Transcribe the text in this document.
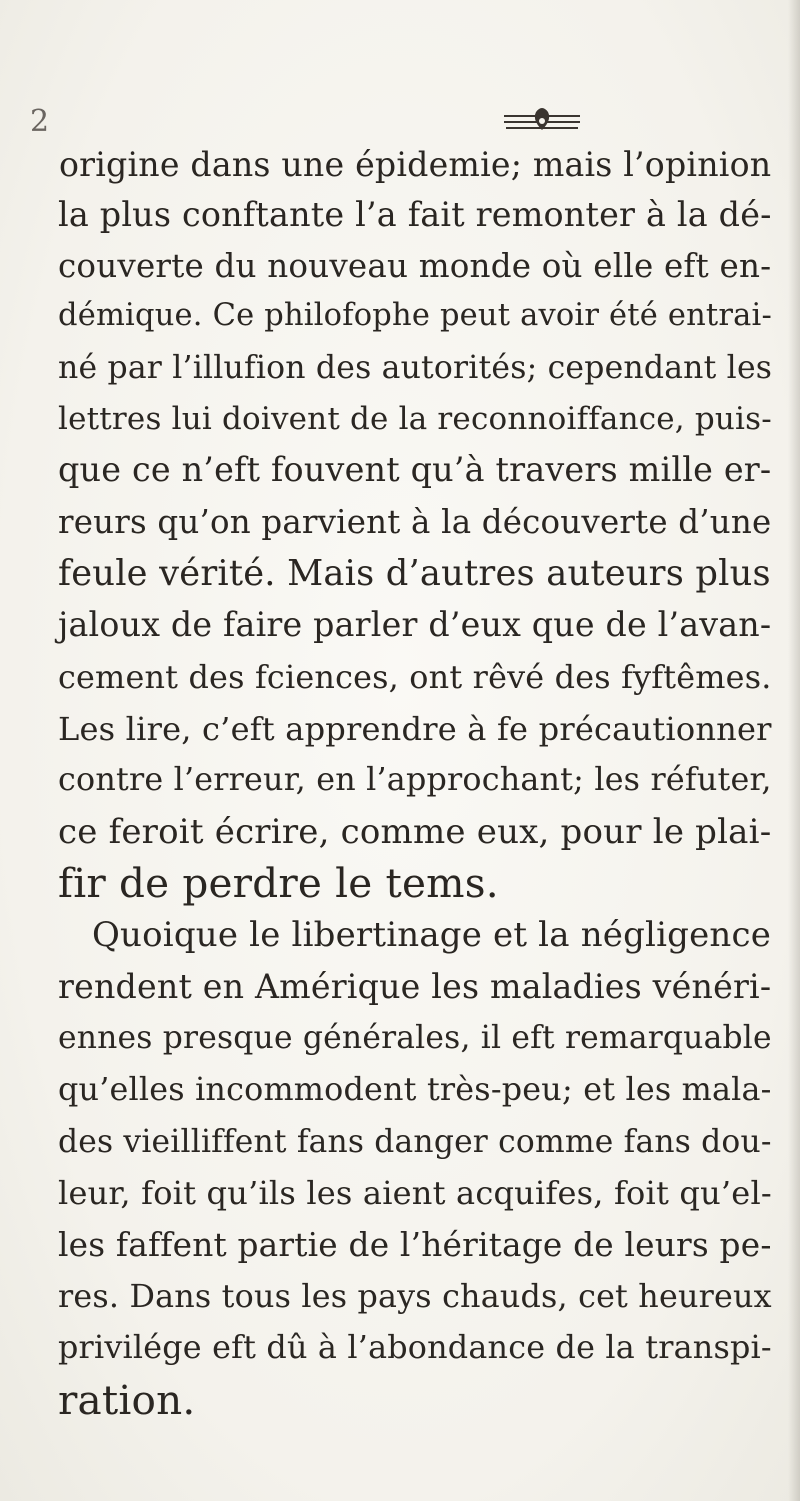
2

origine dans une épidemie; mais l’opinion

la plus conftante l’a fait remonter à la dé-

couverte du nouveau monde où elle eft en-

démique. Ce philofophe peut avoir été entrai-

né par l’illufion des autorités; cependant les

lettres lui doivent de la reconnoiffance, puis-

que ce n’eft fouvent qu’à travers mille er-

reurs qu’on parvient à la découverte d’une

feule vérité. Mais d’autres auteurs plus

jaloux de faire parler d’eux que de l’avan-

cement des fciences, ont rêvé des fyftêmes.

Les lire, c’eft apprendre à fe précautionner

contre l’erreur, en l’approchant; les réfuter,

ce feroit écrire, comme eux, pour le plai-

fir de perdre le tems.

Quoique le libertinage et la négligence

rendent en Amérique les maladies vénéri-

ennes presque générales, il eft remarquable

qu’elles incommodent très-peu; et les mala-

des vieilliffent fans danger comme fans dou-

leur, foit qu’ils les aient acquifes, foit qu’el-

les faffent partie de l’héritage de leurs pe-

res. Dans tous les pays chauds, cet heureux

privilége eft dû à l’abondance de la transpi-

ration.
